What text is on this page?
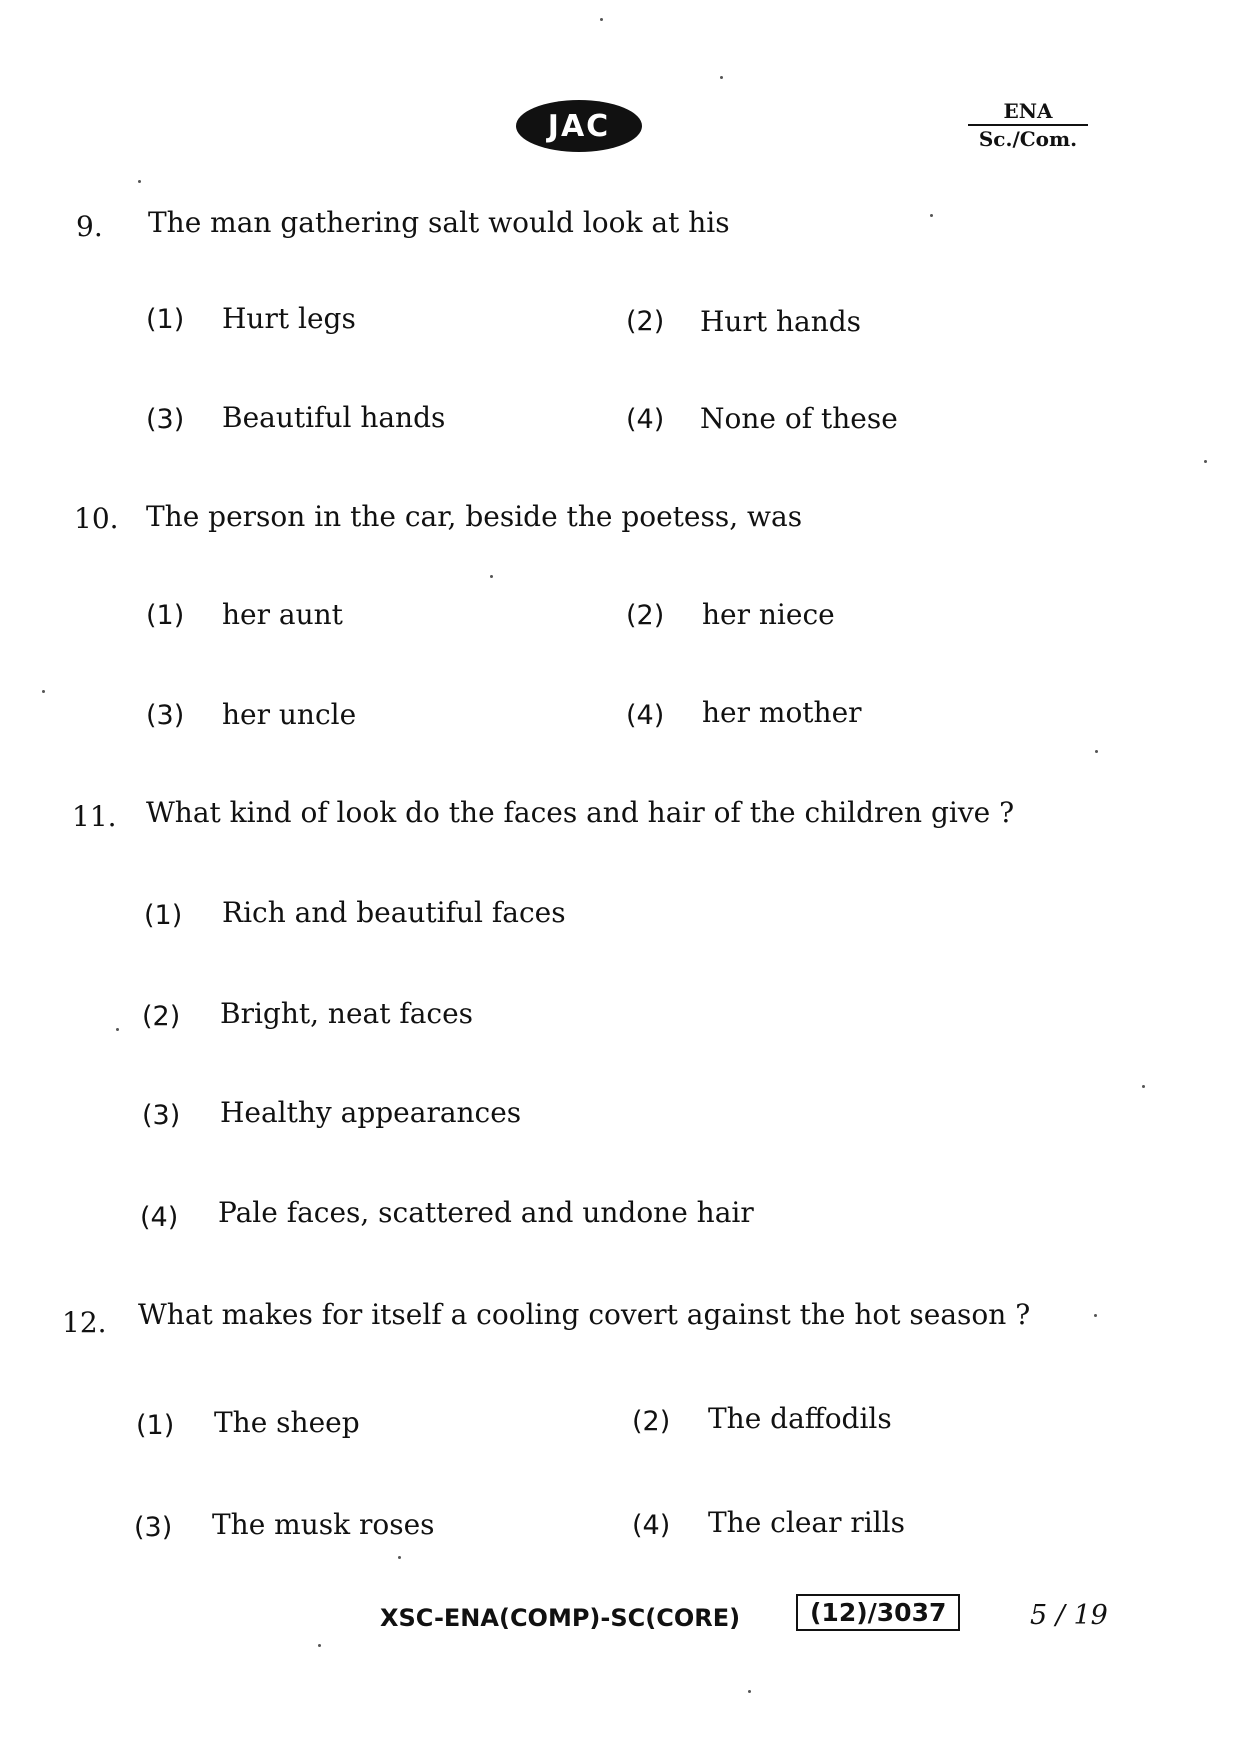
JAC	ENA
Sc./Com.
9. The man gathering salt would look at his
(1) Hurt legs	(2) Hurt hands
(3) Beautiful hands	(4) None of these
10. The person in the car, beside the poetess, was
(1) her aunt	(2) her niece
(3) her uncle	(4) her mother
11. What kind of look do the faces and hair of the children give ?
(1) Rich and beautiful faces
(2) Bright, neat faces
(3) Healthy appearances
(4) Pale faces, scattered and undone hair
12. What makes for itself a cooling covert against the hot season ?
(1) The sheep	(2) The daffodils
(3) The musk roses	(4) The clear rills
XSC-ENA(COMP)-SC(CORE)	(12)/3037	5 / 19
